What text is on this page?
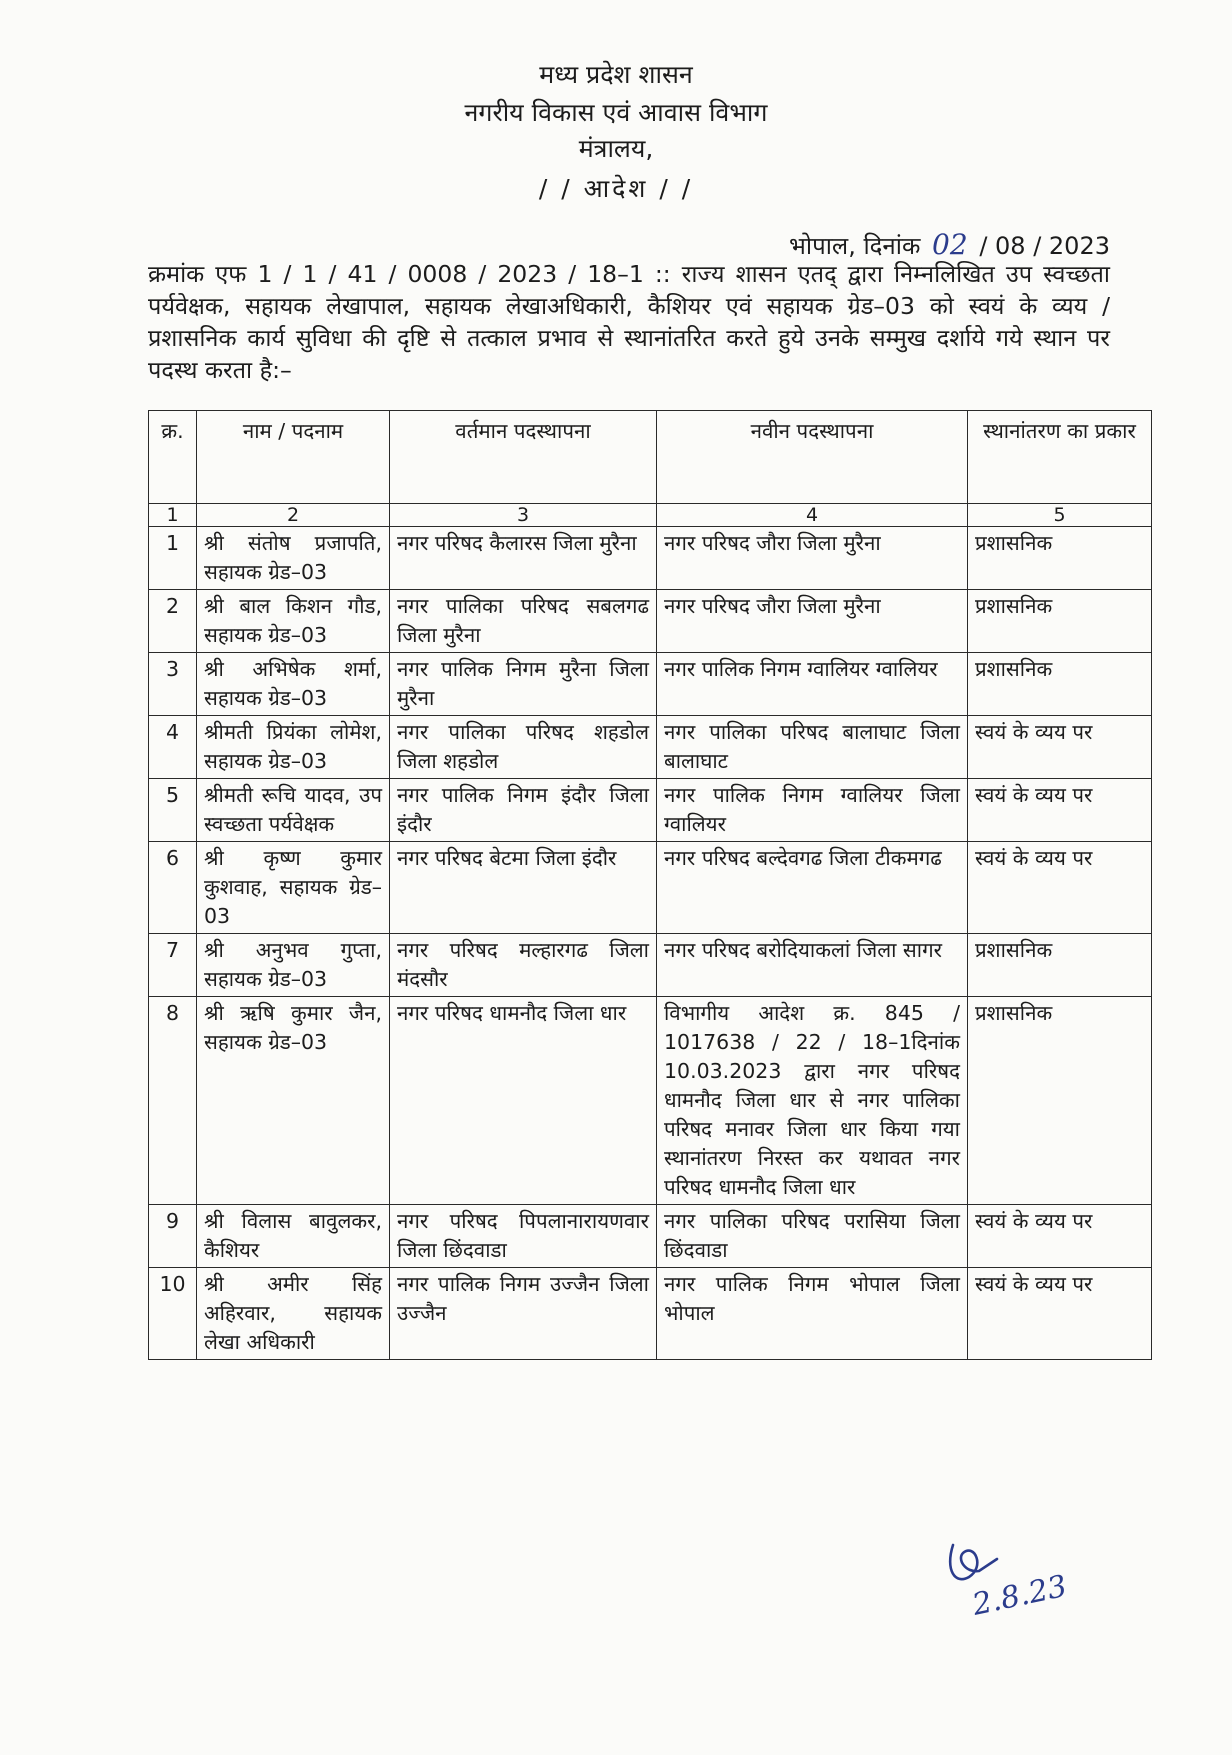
मध्य प्रदेश शासन
नगरीय विकास एवं आवास विभाग
मंत्रालय,
/ / आदेश / /
भोपाल, दिनांक 02 / 08 / 2023
क्रमांक एफ 1 / 1 / 41 / 0008 / 2023 / 18–1 :: राज्य शासन एतद् द्वारा निम्नलिखित उप स्वच्छता पर्यवेक्षक, सहायक लेखापाल, सहायक लेखाअधिकारी, कैशियर एवं सहायक ग्रेड–03 को स्वयं के व्यय / प्रशासनिक कार्य सुविधा की दृष्टि से तत्काल प्रभाव से स्थानांतरित करते हुये उनके सम्मुख दर्शाये गये स्थान पर पदस्थ करता है:–
क्र.	नाम / पदनाम	वर्तमान पदस्थापना	नवीन पदस्थापना	स्थानांतरण का प्रकार
1	2	3	4	5
1	श्री संतोष प्रजापति, सहायक ग्रेड–03	नगर परिषद कैलारस जिला मुरैना	नगर परिषद जौरा जिला मुरैना	प्रशासनिक
2	श्री बाल किशन गौड, सहायक ग्रेड–03	नगर पालिका परिषद सबलगढ जिला मुरैना	नगर परिषद जौरा जिला मुरैना	प्रशासनिक
3	श्री अभिषेक शर्मा, सहायक ग्रेड–03	नगर पालिक निगम मुरैना जिला मुरैना	नगर पालिक निगम ग्वालियर ग्वालियर	प्रशासनिक
4	श्रीमती प्रियंका लोमेश, सहायक ग्रेड–03	नगर पालिका परिषद शहडोल जिला शहडोल	नगर पालिका परिषद बालाघाट जिला बालाघाट	स्वयं के व्यय पर
5	श्रीमती रूचि यादव, उप स्वच्छता पर्यवेक्षक	नगर पालिक निगम इंदौर जिला इंदौर	नगर पालिक निगम ग्वालियर जिला ग्वालियर	स्वयं के व्यय पर
6	श्री कृष्ण कुमार कुशवाह, सहायक ग्रेड–03	नगर परिषद बेटमा जिला इंदौर	नगर परिषद बल्देवगढ जिला टीकमगढ	स्वयं के व्यय पर
7	श्री अनुभव गुप्ता, सहायक ग्रेड–03	नगर परिषद मल्हारगढ जिला मंदसौर	नगर परिषद बरोदियाकलां जिला सागर	प्रशासनिक
8	श्री ऋषि कुमार जैन, सहायक ग्रेड–03	नगर परिषद धामनौद जिला धार	विभागीय आदेश क्र. 845 / 1017638 / 22 / 18–1दिनांक 10.03.2023 द्वारा नगर परिषद धामनौद जिला धार से नगर पालिका परिषद मनावर जिला धार किया गया स्थानांतरण निरस्त कर यथावत नगर परिषद धामनौद जिला धार	प्रशासनिक
9	श्री विलास बावुलकर, कैशियर	नगर परिषद पिपलानारायणवार जिला छिंदवाडा	नगर पालिका परिषद परासिया जिला छिंदवाडा	स्वयं के व्यय पर
10	श्री अमीर सिंह अहिरवार, सहायक लेखा अधिकारी	नगर पालिक निगम उज्जैन जिला उज्जैन	नगर पालिक निगम भोपाल जिला भोपाल	स्वयं के व्यय पर
2.8.23
